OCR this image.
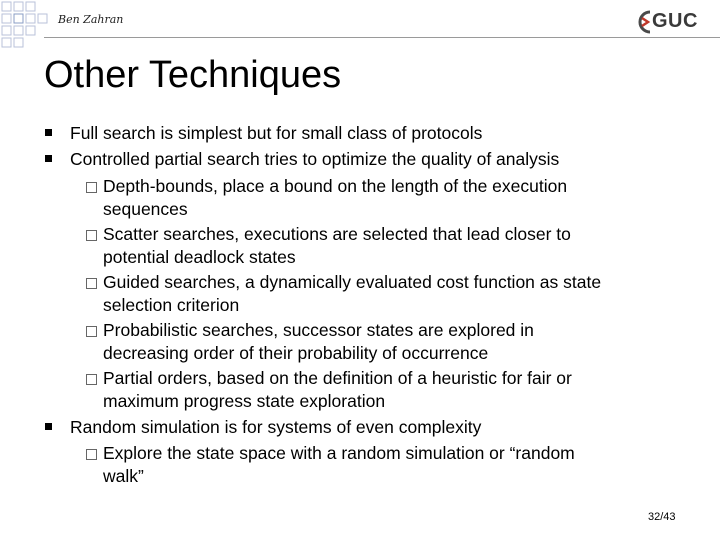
Ben Zahran	GUC
Other Techniques
Full search is simplest but for small class of protocols
Controlled partial search tries to optimize the quality of analysis
Depth-bounds, place a bound on the length of the execution
sequences
Scatter searches, executions are selected that lead closer to
potential deadlock states
Guided searches, a dynamically evaluated cost function as state
selection criterion
Probabilistic searches, successor states are explored in
decreasing order of their probability of occurrence
Partial orders, based on the definition of a heuristic for fair or
maximum progress state exploration
Random simulation is for systems of even complexity
Explore the state space with a random simulation or “random
walk”
32/43
